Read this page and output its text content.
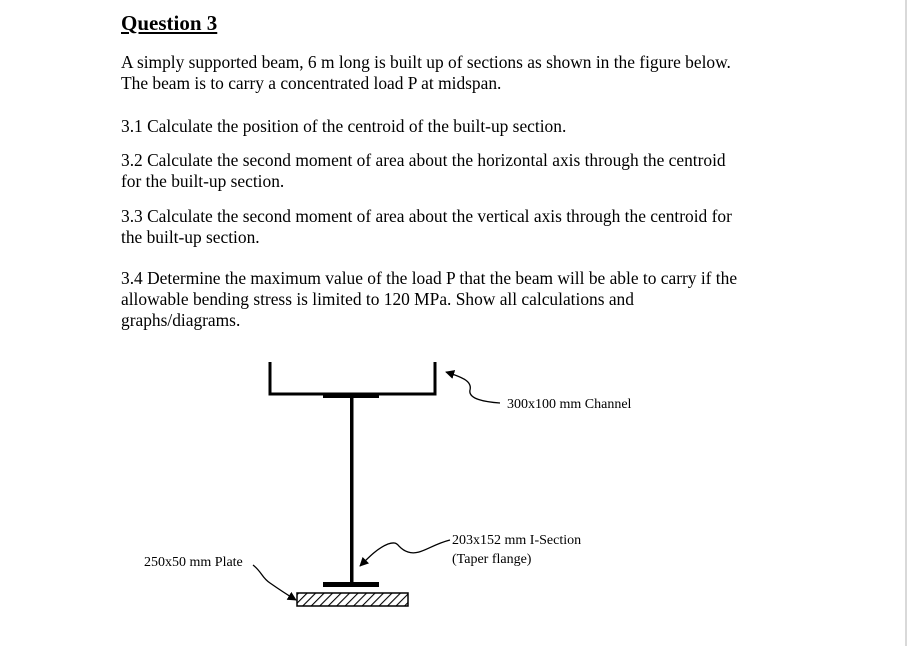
Question 3

A simply supported beam, 6 m long is built up of sections as shown in the figure below.
The beam is to carry a concentrated load P at midspan.

3.1 Calculate the position of the centroid of the built-up section.

3.2 Calculate the second moment of area about the horizontal axis through the centroid
for the built-up section.

3.3 Calculate the second moment of area about the vertical axis through the centroid for
the built-up section.

3.4 Determine the maximum value of the load P that the beam will be able to carry if the
allowable bending stress is limited to 120 MPa. Show all calculations and
graphs/diagrams.

300x100 mm Channel
203x152 mm I-Section
(Taper flange)
250x50 mm Plate
